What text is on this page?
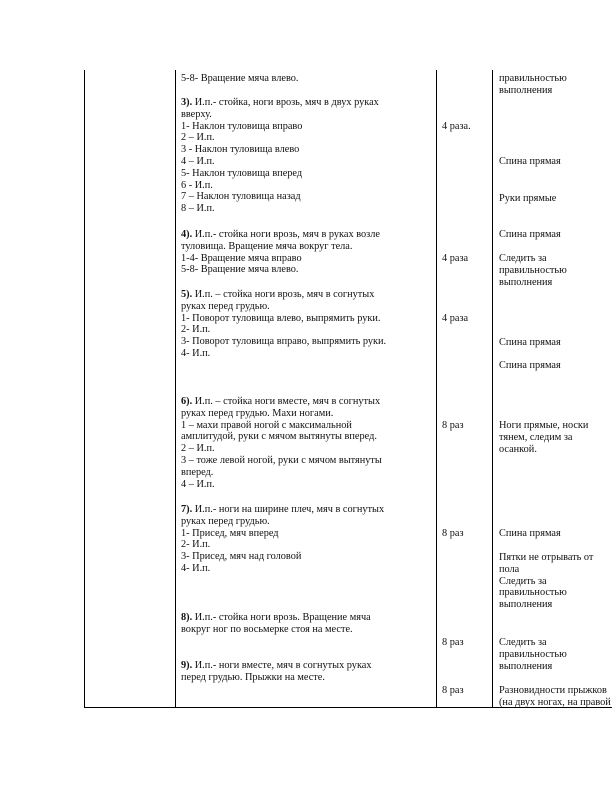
5-8- Вращение мяча влево.
3). И.п.- стойка, ноги врозь, мяч в двух руках
вверху.
1- Наклон туловища вправо
2 – И.п.
3 - Наклон туловища влево
4 – И.п.
5- Наклон туловища вперед
6 - И.п.
7 – Наклон туловища назад
8 – И.п.
4). И.п.- стойка ноги врозь, мяч в руках возле
туловища. Вращение мяча вокруг тела.
1-4- Вращение мяча вправо
5-8- Вращение мяча влево.
5). И.п. – стойка ноги врозь, мяч в согнутых
руках перед грудью.
1- Поворот туловища влево, выпрямить руки.
2- И.п.
3- Поворот туловища вправо, выпрямить руки.
4- И.п.
6). И.п. – стойка ноги вместе, мяч в согнутых
руках перед грудью. Махи ногами.
1 – махи правой ногой с максимальной
амплитудой, руки с мячом вытянуты вперед.
2 – И.п.
3 – тоже левой ногой, руки с мячом вытянуты
вперед.
4 – И.п.
7). И.п.- ноги на ширине плеч, мяч в согнутых
руках перед грудью.
1- Присед, мяч вперед
2- И.п.
3- Присед, мяч над головой
4- И.п.
8). И.п.- стойка ноги врозь. Вращение мяча
вокруг ног по восьмерке стоя на месте.
9). И.п.- ноги вместе, мяч в согнутых руках
перед грудью. Прыжки на месте.
4 раза.
4 раза
4 раза
8 раз
8 раз
8 раз
8 раз
правильностью
выполнения
Спина прямая
Руки прямые
Спина прямая
Следить за
правильностью
выполнения
Спина прямая
Спина прямая
Ноги прямые, носки
тянем, следим за
осанкой.
Спина прямая
Пятки не отрывать от
пола
Следить за
правильностью
выполнения
Следить за
правильностью
выполнения
Разновидности прыжков
(на двух ногах, на правой
